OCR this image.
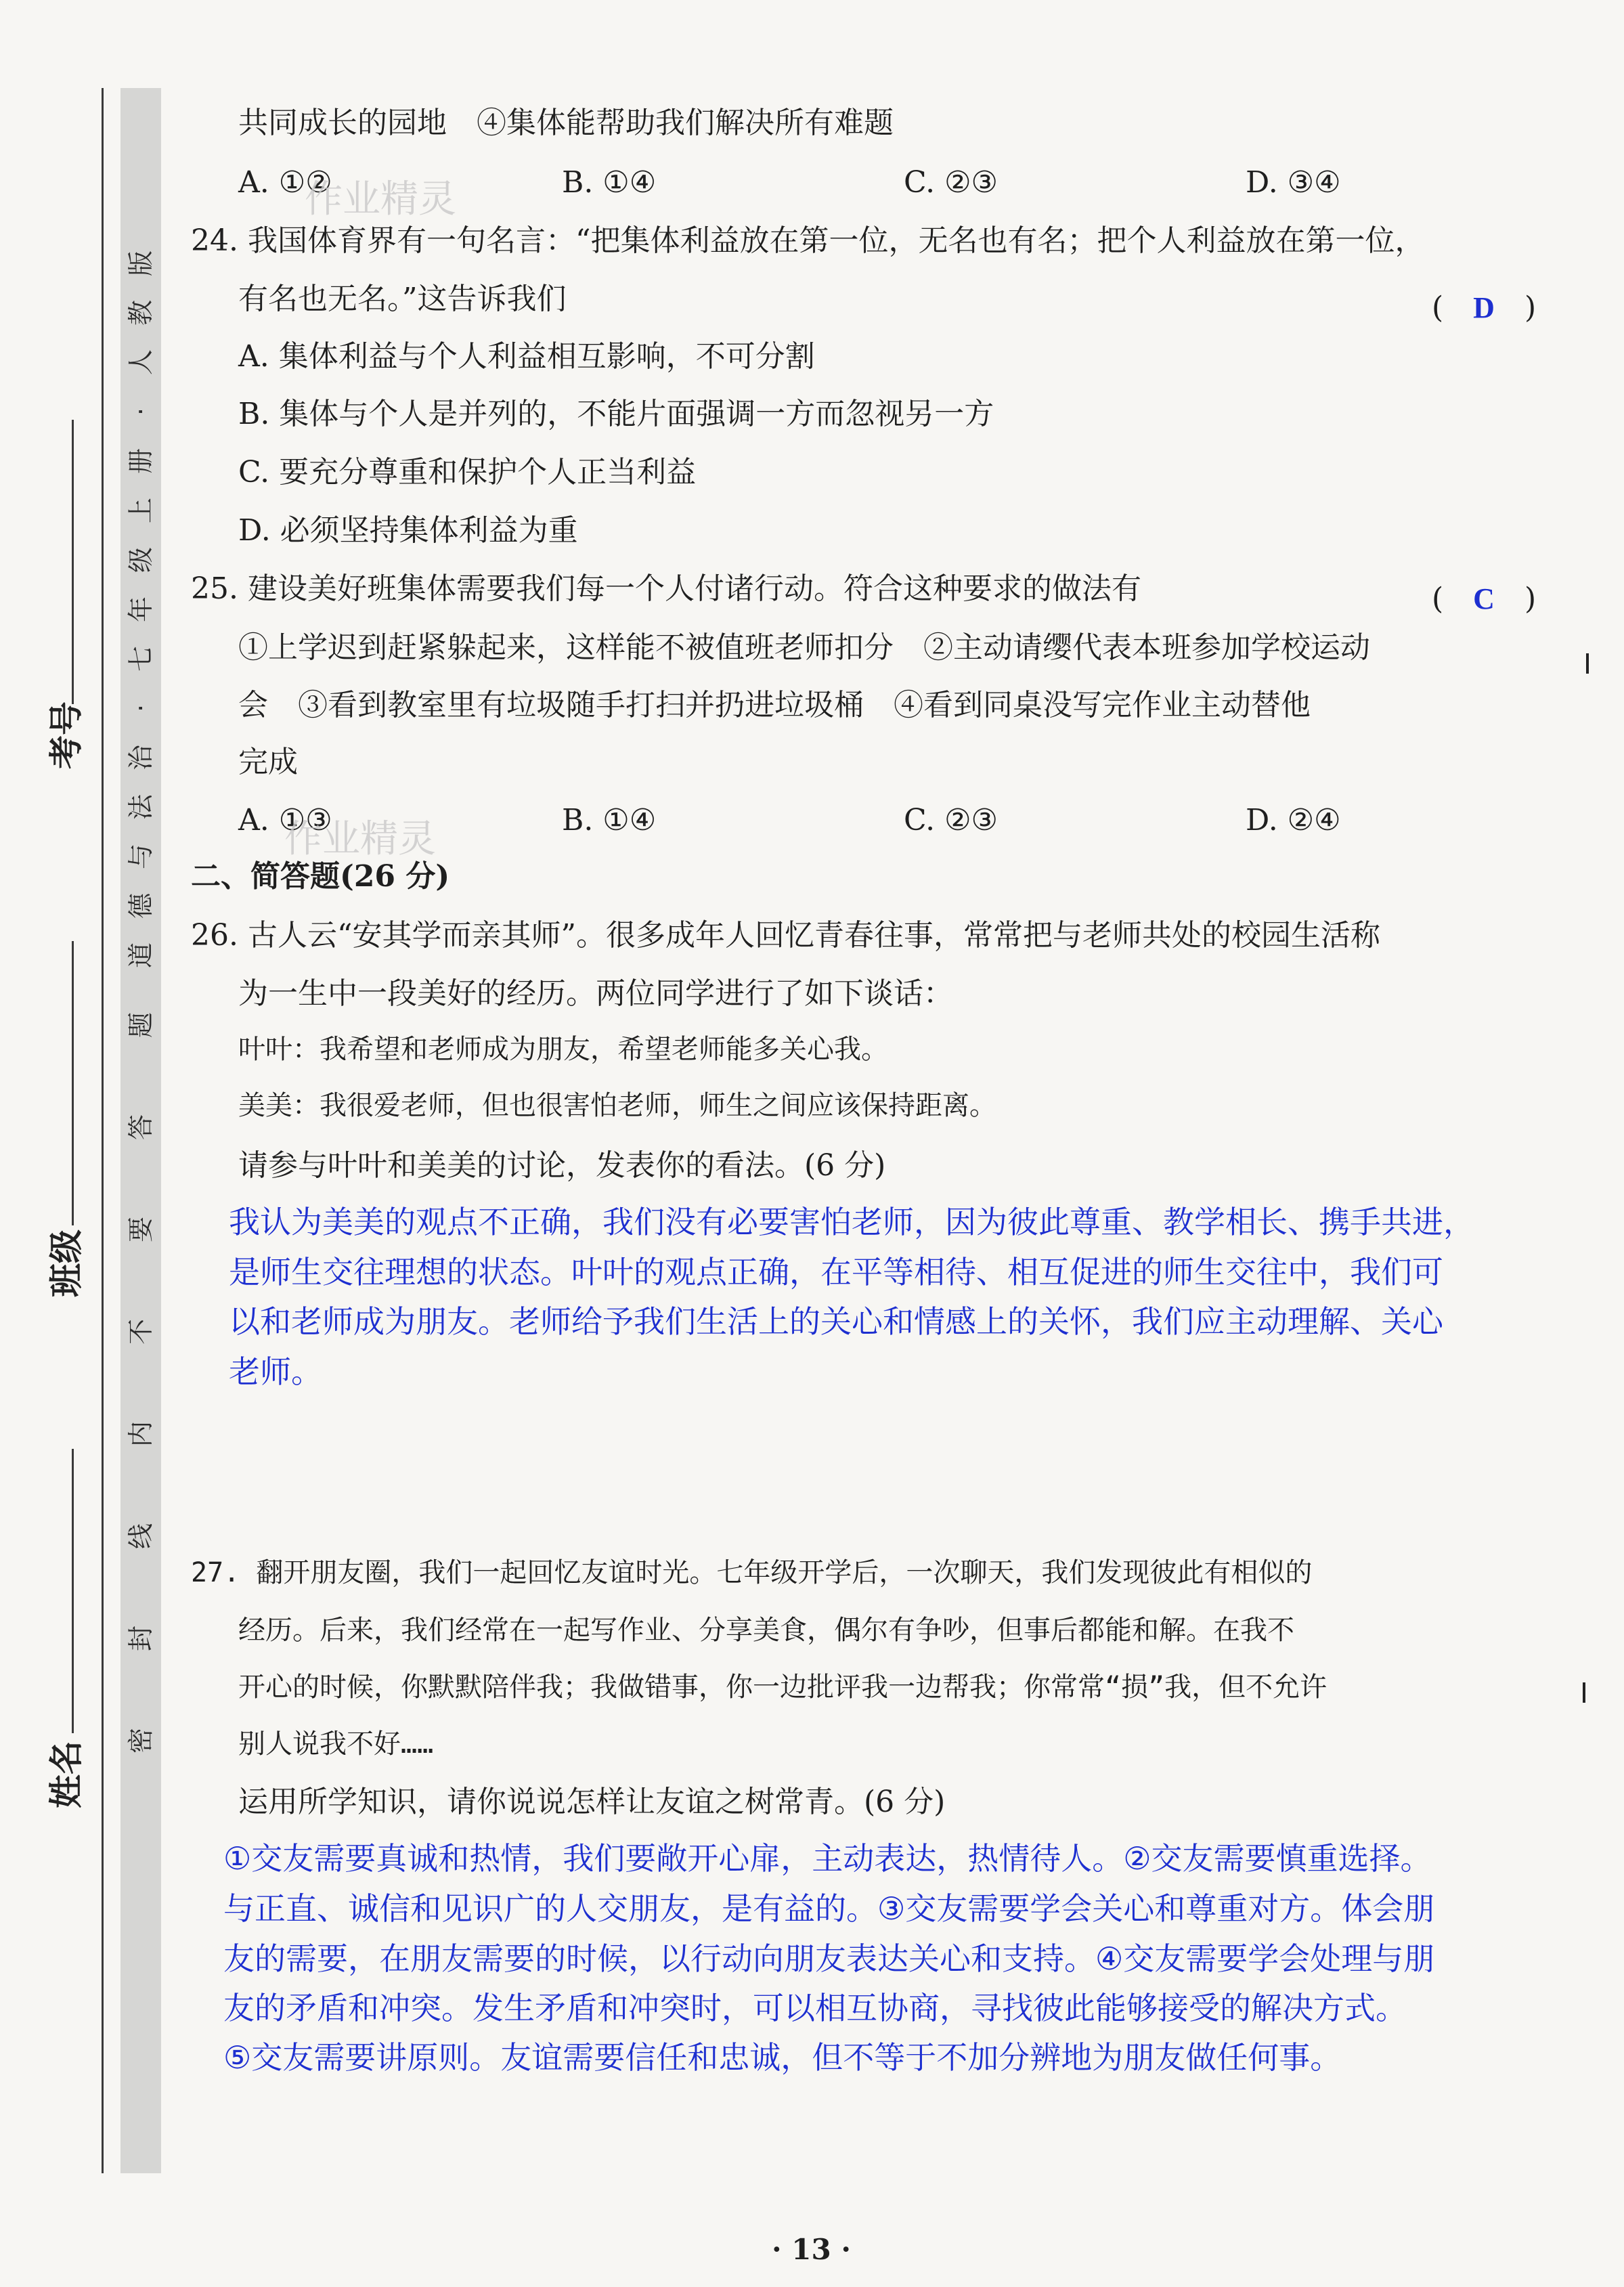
版
教
人
·
册
上
级
年
七
·
治
法
与
德
道
题
答
要
不
内
线
封
密
考号
班级
姓名
共同成长的园地　④集体能帮助我们解决所有难题
A. ①②	B. ①④	C. ②③	D. ③④
作业精灵
24. 我国体育界有一句名言：“把集体利益放在第一位，无名也有名；把个人利益放在第一位，
有名也无名。”这告诉我们	(　D　)
A. 集体利益与个人利益相互影响，不可分割
B. 集体与个人是并列的，不能片面强调一方而忽视另一方
C. 要充分尊重和保护个人正当利益
D. 必须坚持集体利益为重
25. 建设美好班集体需要我们每一个人付诸行动。符合这种要求的做法有	(　C　)
①上学迟到赶紧躲起来，这样能不被值班老师扣分　②主动请缨代表本班参加学校运动
会　③看到教室里有垃圾随手打扫并扔进垃圾桶　④看到同桌没写完作业主动替他
完成
A. ①③	B. ①④	C. ②③	D. ②④
作业精灵
二、简答题(26 分)
26. 古人云“安其学而亲其师”。很多成年人回忆青春往事，常常把与老师共处的校园生活称
为一生中一段美好的经历。两位同学进行了如下谈话：
叶叶：我希望和老师成为朋友，希望老师能多关心我。
美美：我很爱老师，但也很害怕老师，师生之间应该保持距离。
请参与叶叶和美美的讨论，发表你的看法。(6 分)
我认为美美的观点不正确，我们没有必要害怕老师，因为彼此尊重、教学相长、携手共进，
是师生交往理想的状态。叶叶的观点正确，在平等相待、相互促进的师生交往中，我们可
以和老师成为朋友。老师给予我们生活上的关心和情感上的关怀，我们应主动理解、关心
老师。
27. 翻开朋友圈，我们一起回忆友谊时光。七年级开学后，一次聊天，我们发现彼此有相似的
经历。后来，我们经常在一起写作业、分享美食，偶尔有争吵，但事后都能和解。在我不
开心的时候，你默默陪伴我；我做错事，你一边批评我一边帮我；你常常“损”我，但不允许
别人说我不好……
运用所学知识，请你说说怎样让友谊之树常青。(6 分)
①交友需要真诚和热情，我们要敞开心扉，主动表达，热情待人。②交友需要慎重选择。
与正直、诚信和见识广的人交朋友，是有益的。③交友需要学会关心和尊重对方。体会朋
友的需要，在朋友需要的时候，以行动向朋友表达关心和支持。④交友需要学会处理与朋
友的矛盾和冲突。发生矛盾和冲突时，可以相互协商，寻找彼此能够接受的解决方式。
⑤交友需要讲原则。友谊需要信任和忠诚，但不等于不加分辨地为朋友做任何事。
· 13 ·
